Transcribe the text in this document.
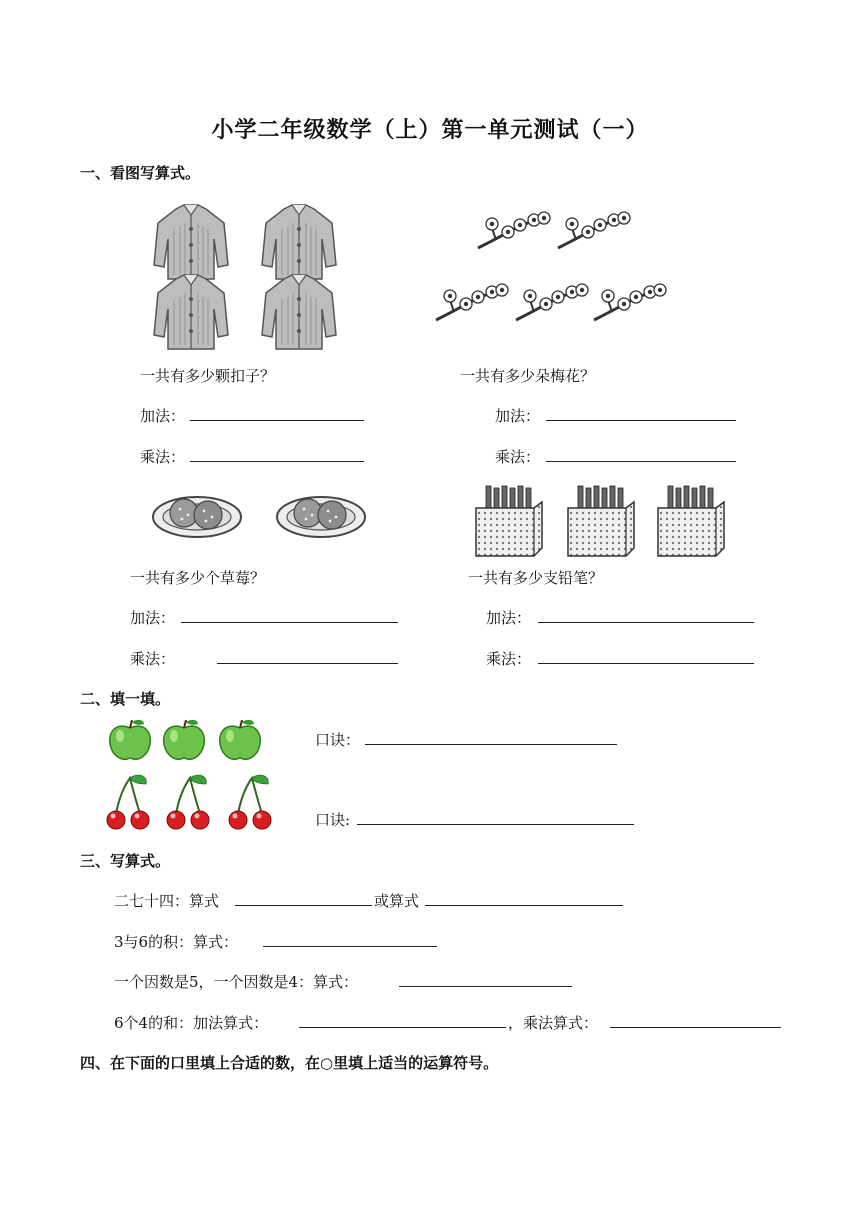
小学二年级数学（上）第一单元测试（一）
一、看图写算式。
一共有多少颗扣子？
加法：
乘法：
一共有多少朵梅花？
加法：
乘法：
一共有多少个草莓？
加法：
乘法：
一共有多少支铅笔？
加法：
乘法：
二、填一填。
口诀：
口诀:
三、写算式。
二七十四：算式	或算式
3与6的积：算式：
一个因数是5，一个因数是4：算式：
6个4的和：加法算式：	，乘法算式：
四、在下面的口里填上合适的数，在○里填上适当的运算符号。
